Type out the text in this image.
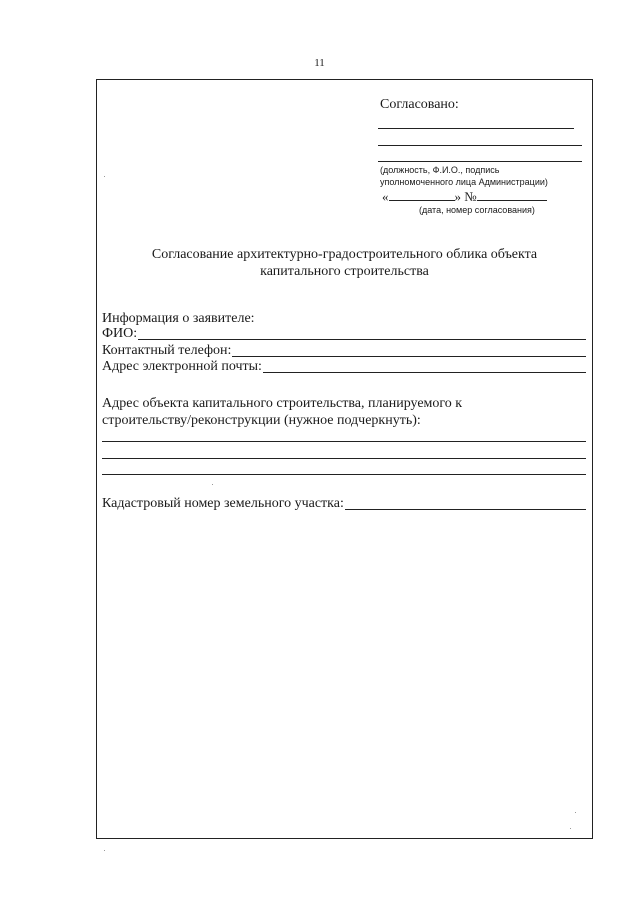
11
Согласовано:
(должность, Ф.И.О., подпись
уполномоченного лица Администрации)
«	» №
(дата, номер согласования)
Согласование архитектурно-градостроительного облика объекта
капитального строительства
Информация о заявителе:
ФИО:
Контактный телефон:
Адрес электронной почты:
Адрес объекта капитального строительства, планируемого к
строительству/реконструкции (нужное подчеркнуть):
Кадастровый номер земельного участка:
